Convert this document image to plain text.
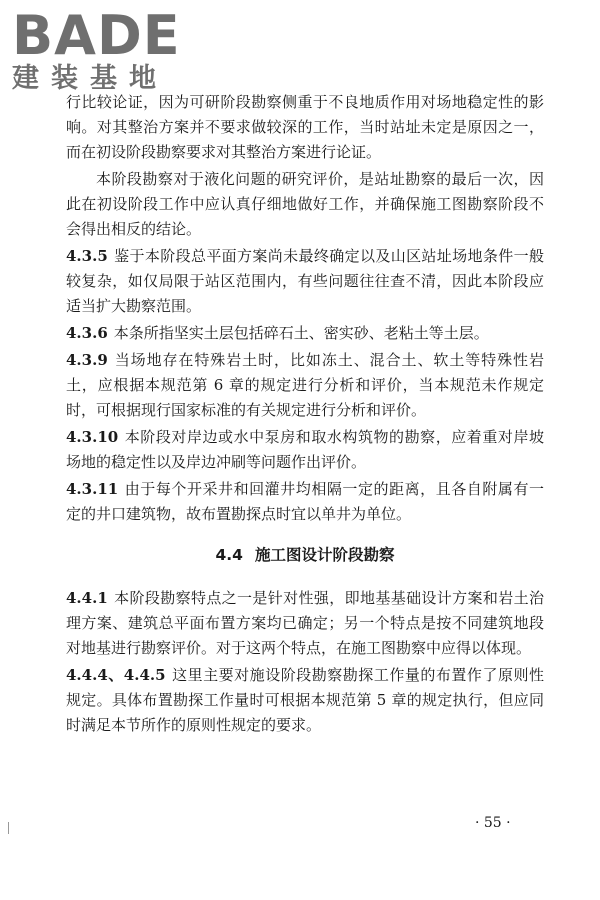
BADE
建装基地

行比较论证，因为可研阶段勘察侧重于不良地质作用对场地稳定性的影响。对其整治方案并不要求做较深的工作，当时站址未定是原因之一，而在初设阶段勘察要求对其整治方案进行论证。

本阶段勘察对于液化问题的研究评价，是站址勘察的最后一次，因此在初设阶段工作中应认真仔细地做好工作，并确保施工图勘察阶段不会得出相反的结论。

4.3.5 鉴于本阶段总平面方案尚未最终确定以及山区站址场地条件一般较复杂，如仅局限于站区范围内，有些问题往往查不清，因此本阶段应适当扩大勘察范围。

4.3.6 本条所指坚实土层包括碎石土、密实砂、老粘土等土层。

4.3.9 当场地存在特殊岩土时，比如冻土、混合土、软土等特殊性岩土，应根据本规范第 6 章的规定进行分析和评价，当本规范未作规定时，可根据现行国家标准的有关规定进行分析和评价。

4.3.10 本阶段对岸边或水中泵房和取水构筑物的勘察，应着重对岸坡场地的稳定性以及岸边冲刷等问题作出评价。

4.3.11 由于每个开采井和回灌井均相隔一定的距离，且各自附属有一定的井口建筑物，故布置勘探点时宜以单井为单位。

4.4 施工图设计阶段勘察

4.4.1 本阶段勘察特点之一是针对性强，即地基基础设计方案和岩土治理方案、建筑总平面布置方案均已确定；另一个特点是按不同建筑地段对地基进行勘察评价。对于这两个特点，在施工图勘察中应得以体现。

4.4.4、4.4.5 这里主要对施设阶段勘察勘探工作量的布置作了原则性规定。具体布置勘探工作量时可根据本规范第 5 章的规定执行，但应同时满足本节所作的原则性规定的要求。

· 55 ·
